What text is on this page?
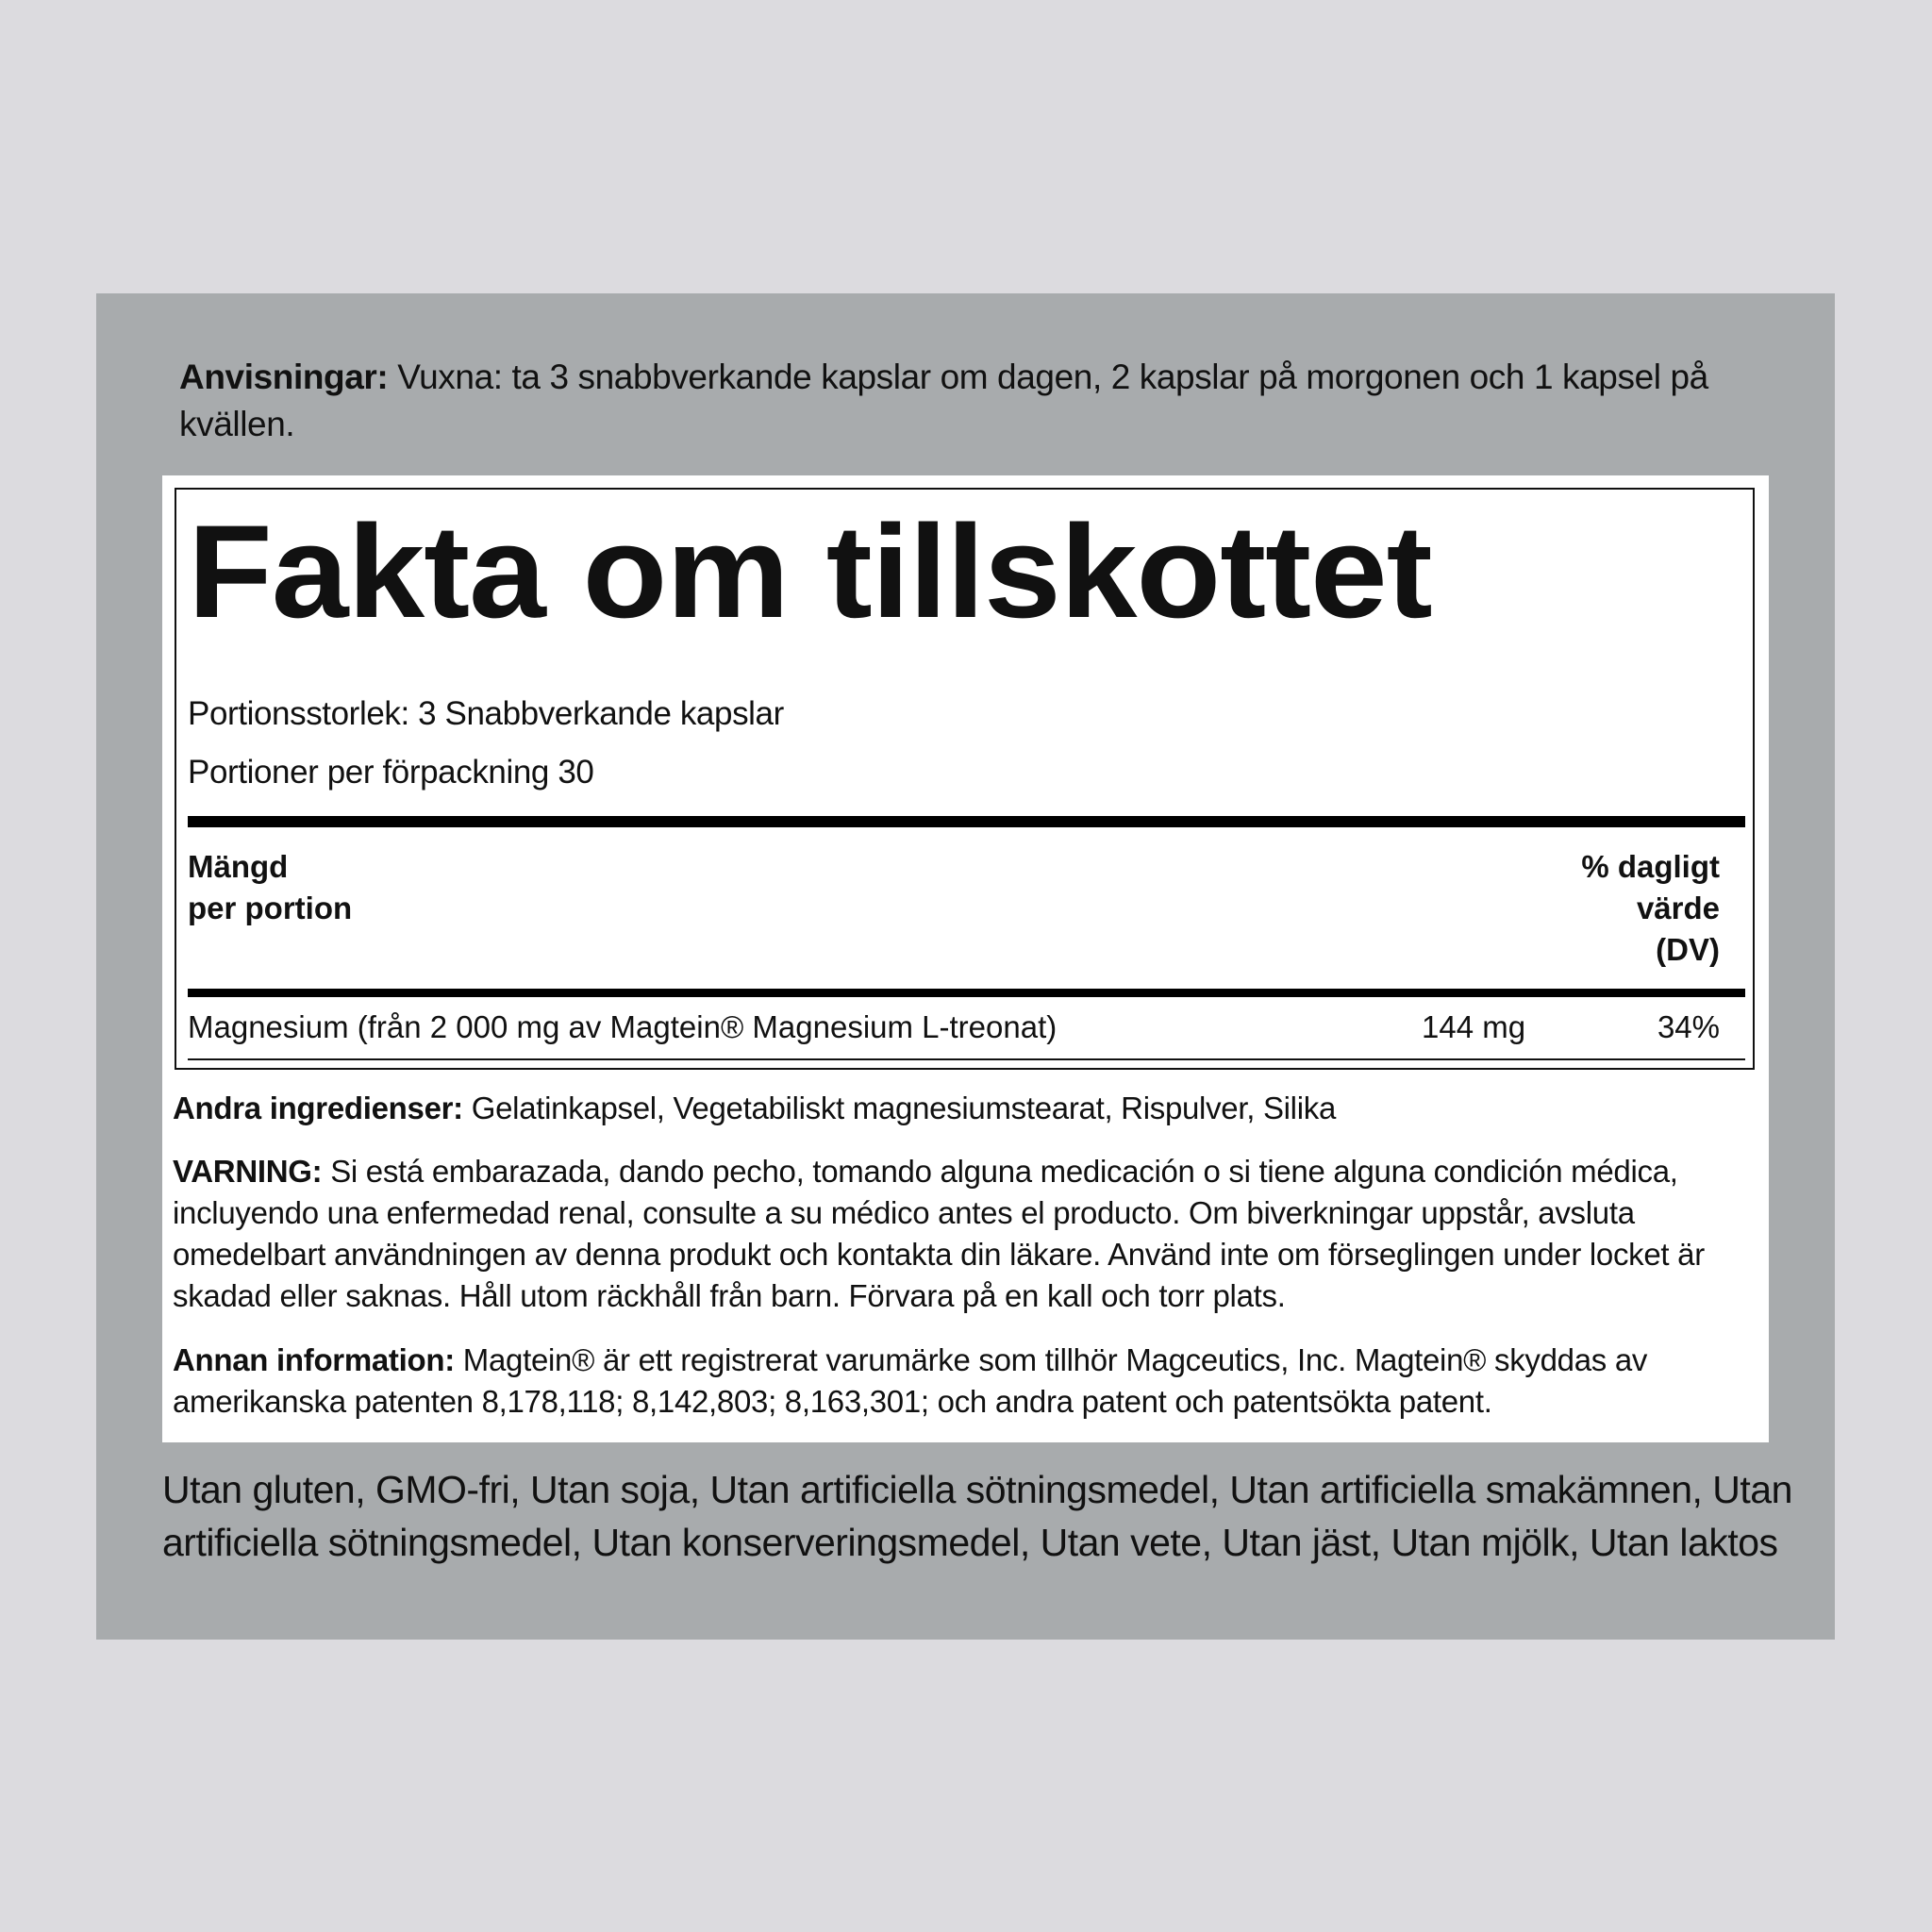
Anvisningar: Vuxna: ta 3 snabbverkande kapslar om dagen, 2 kapslar på morgonen och 1 kapsel på kvällen.
Fakta om tillskottet
Portionsstorlek: 3 Snabbverkande kapslar
Portioner per förpackning 30
Mängd
per portion
% dagligt
värde
(DV)
Magnesium (från 2 000 mg av Magtein® Magnesium L-treonat)	144 mg	34%
Andra ingredienser: Gelatinkapsel, Vegetabiliskt magnesiumstearat, Rispulver, Silika
VARNING: Si está embarazada, dando pecho, tomando alguna medicación o si tiene alguna condición médica, incluyendo una enfermedad renal, consulte a su médico antes el producto. Om biverkningar uppstår, avsluta omedelbart användningen av denna produkt och kontakta din läkare. Använd inte om förseglingen under locket är skadad eller saknas. Håll utom räckhåll från barn. Förvara på en kall och torr plats.
Annan information: Magtein® är ett registrerat varumärke som tillhör Magceutics, Inc. Magtein® skyddas av amerikanska patenten 8,178,118; 8,142,803; 8,163,301; och andra patent och patentsökta patent.
Utan gluten, GMO-fri, Utan soja, Utan artificiella sötningsmedel, Utan artificiella smakämnen, Utan artificiella sötningsmedel, Utan konserveringsmedel, Utan vete, Utan jäst, Utan mjölk, Utan laktos
